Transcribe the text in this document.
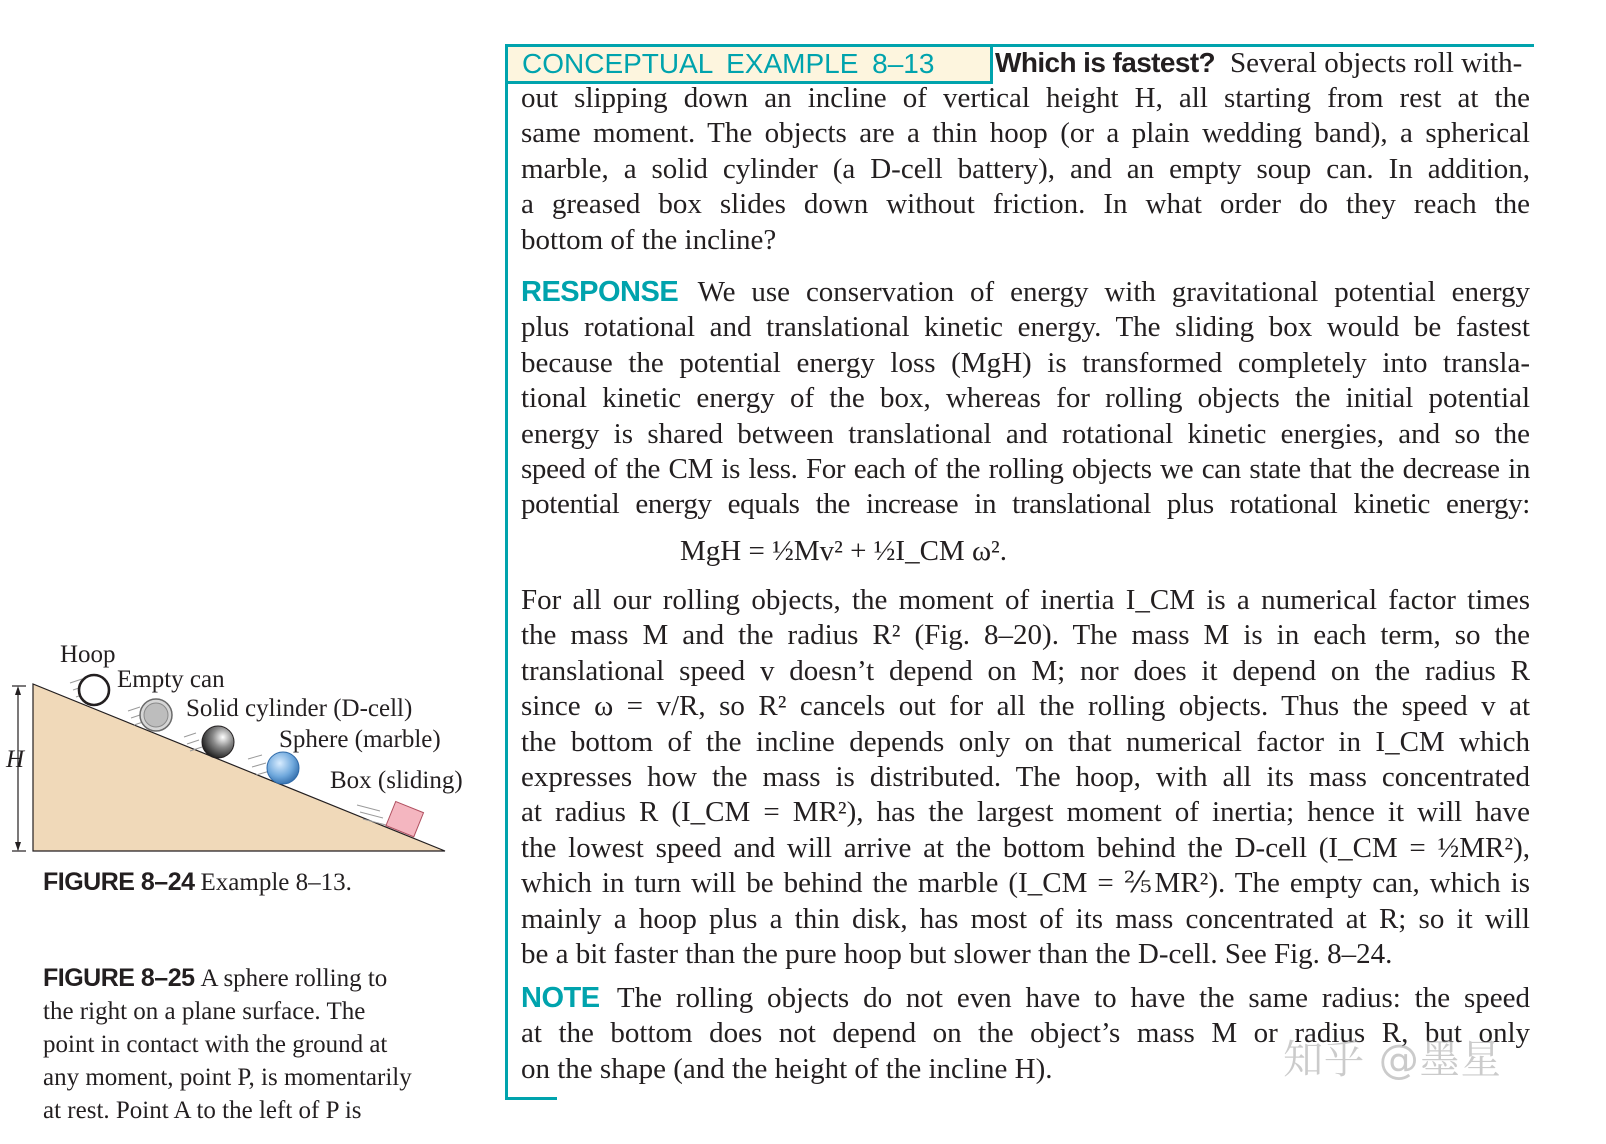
Hoop
Empty can
Solid cylinder (D-cell)
Sphere (marble)
Box (sliding)
H
FIGURE 8–24 Example 8–13.
FIGURE 8–25 A sphere rolling to
the right on a plane surface. The
point in contact with the ground at
any moment, point P, is momentarily
at rest. Point A to the left of P is
CONCEPTUAL EXAMPLE 8–13	Which is fastest? Several objects roll with-
out slipping down an incline of vertical height H, all starting from rest at the
same moment. The objects are a thin hoop (or a plain wedding band), a spherical
marble, a solid cylinder (a D-cell battery), and an empty soup can. In addition,
a greased box slides down without friction. In what order do they reach the
bottom of the incline?
RESPONSE We use conservation of energy with gravitational potential energy
plus rotational and translational kinetic energy. The sliding box would be fastest
because the potential energy loss (MgH) is transformed completely into transla-
tional kinetic energy of the box, whereas for rolling objects the initial potential
energy is shared between translational and rotational kinetic energies, and so the
speed of the CM is less. For each of the rolling objects we can state that the decrease in
potential energy equals the increase in translational plus rotational kinetic energy:
MgH = ½Mv² + ½I_CM ω².
For all our rolling objects, the moment of inertia I_CM is a numerical factor times
the mass M and the radius R² (Fig. 8–20). The mass M is in each term, so the
translational speed v doesn’t depend on M; nor does it depend on the radius R
since ω = v/R, so R² cancels out for all the rolling objects. Thus the speed v at
the bottom of the incline depends only on that numerical factor in I_CM which
expresses how the mass is distributed. The hoop, with all its mass concentrated
at radius R (I_CM = MR²), has the largest moment of inertia; hence it will have
the lowest speed and will arrive at the bottom behind the D-cell (I_CM = ½MR²),
which in turn will be behind the marble (I_CM = ⅖MR²). The empty can, which is
mainly a hoop plus a thin disk, has most of its mass concentrated at R; so it will
be a bit faster than the pure hoop but slower than the D-cell. See Fig. 8–24.
NOTE The rolling objects do not even have to have the same radius: the speed
at the bottom does not depend on the object’s mass M or radius R, but only
on the shape (and the height of the incline H).	知乎 @墨星
